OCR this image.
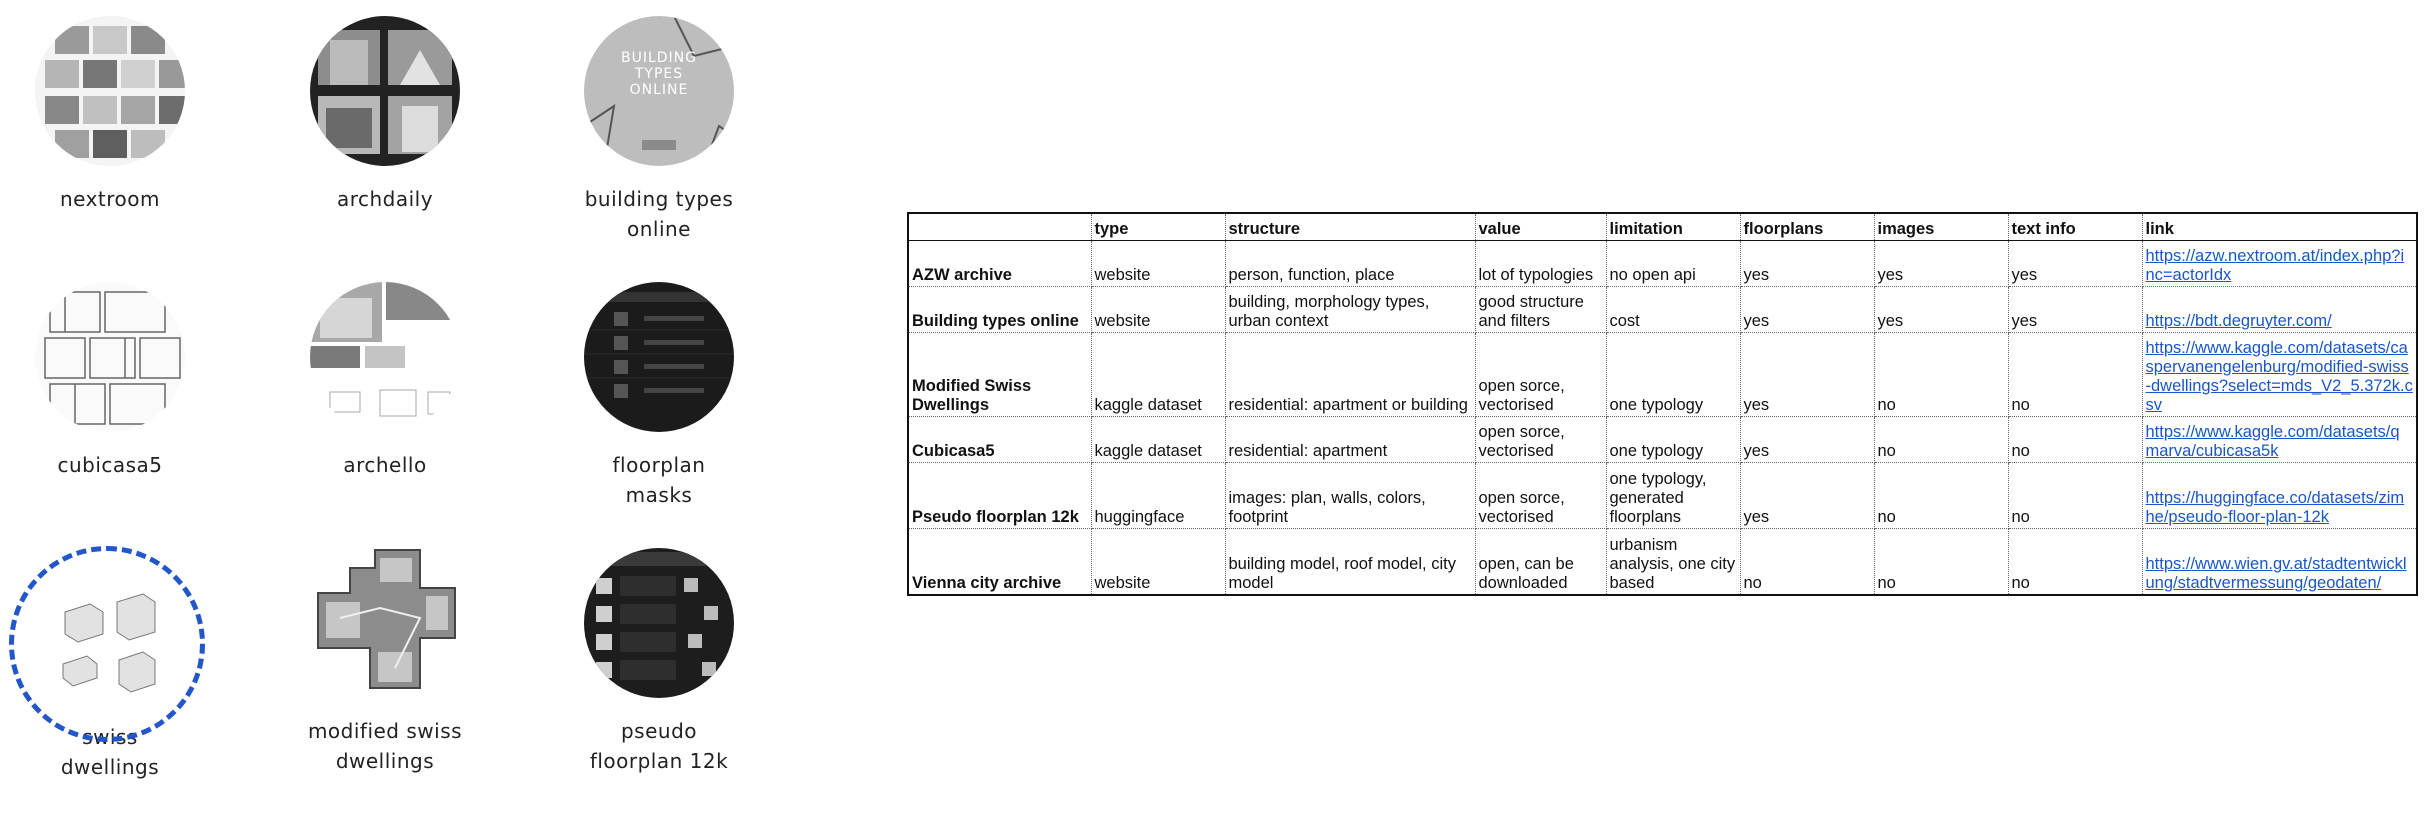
nextroom	archdaily
BUILDING
TYPES
ONLINE
building types
online
cubicasa5	archello	floorplan
masks
swiss
dwellings
modified swiss
dwellings
pseudo
floorplan 12k
	type	structure	value	limitation	floorplans	images	text info	link
AZW archive	website	person, function, place	lot of typologies	no open api	yes	yes	yes	https://azw.nextroom.at/index.php?inc=actorIdx
Building types online	website	building, morphology types, urban context	good structure and filters	cost	yes	yes	yes	https://bdt.degruyter.com/
Modified Swiss Dwellings	kaggle dataset	residential: apartment or building	open sorce, vectorised	one typology	yes	no	no	https://www.kaggle.com/datasets/caspervanengelenburg/modified-swiss-dwellings?select=mds_V2_5.372k.csv
Cubicasa5	kaggle dataset	residential: apartment	open sorce, vectorised	one typology	yes	no	no	https://www.kaggle.com/datasets/qmarva/cubicasa5k
Pseudo floorplan 12k	huggingface	images: plan, walls, colors, footprint	open sorce, vectorised	one typology, generated floorplans	yes	no	no	https://huggingface.co/datasets/zimhe/pseudo-floor-plan-12k
Vienna city archive	website	building model, roof model, city model	open, can be downloaded	urbanism analysis, one city based	no	no	no	https://www.wien.gv.at/stadtentwicklung/stadtvermessung/geodaten/
